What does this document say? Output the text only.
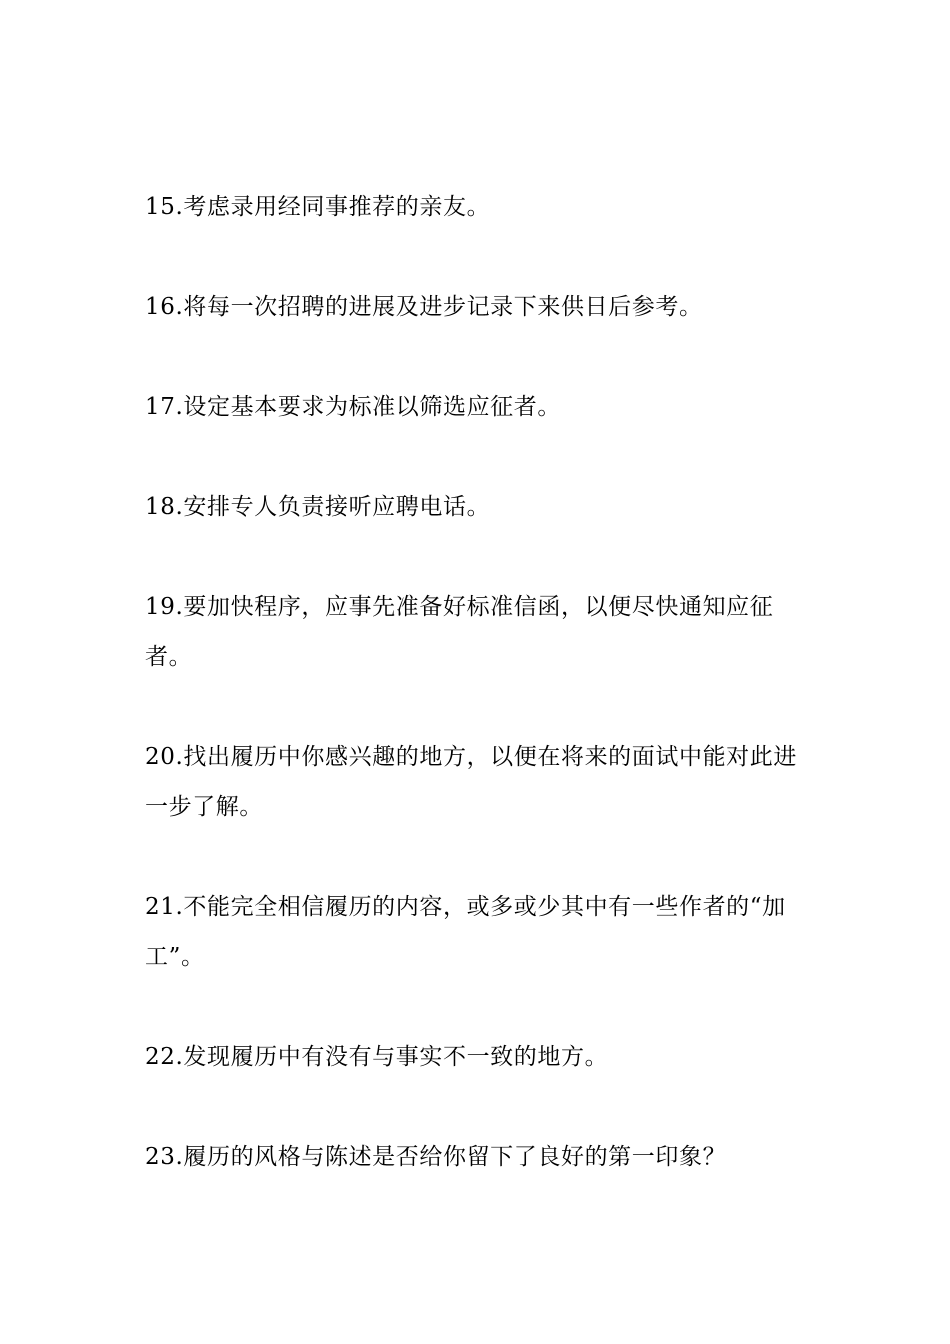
15.考虑录用经同事推荐的亲友。

16.将每一次招聘的进展及进步记录下来供日后参考。

17.设定基本要求为标准以筛选应征者。

18.安排专人负责接听应聘电话。

19.要加快程序，应事先准备好标准信函，以便尽快通知应征者。

20.找出履历中你感兴趣的地方，以便在将来的面试中能对此进一步了解。

21.不能完全相信履历的内容，或多或少其中有一些作者的“加工”。

22.发现履历中有没有与事实不一致的地方。

23.履历的风格与陈述是否给你留下了良好的第一印象？
